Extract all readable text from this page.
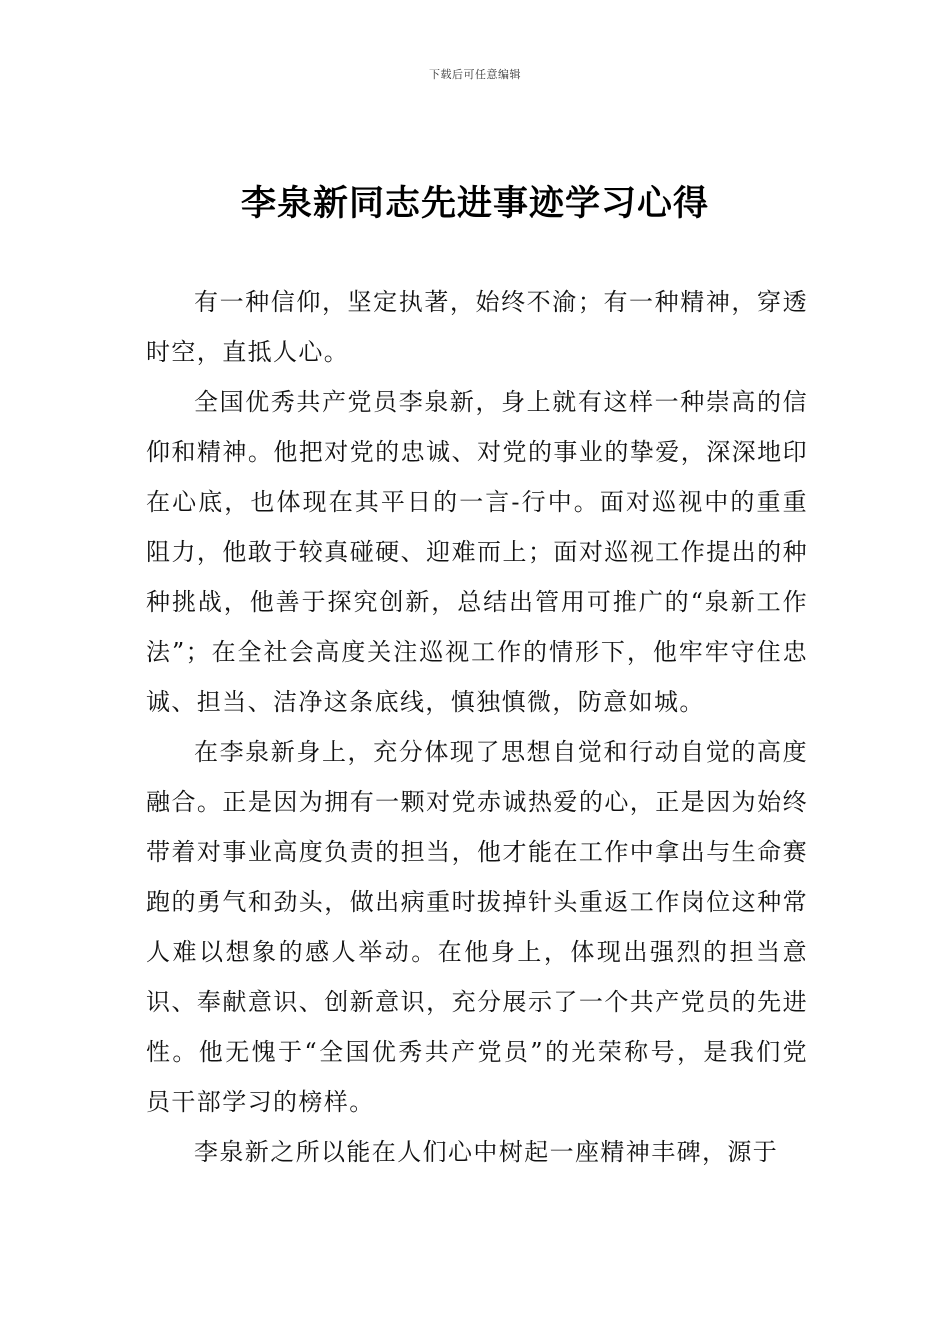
下载后可任意编辑
李泉新同志先进事迹学习心得

有一种信仰，坚定执著，始终不渝；有一种精神，穿透时空，直抵人心。

全国优秀共产党员李泉新，身上就有这样一种崇高的信仰和精神。他把对党的忠诚、对党的事业的挚爱，深深地印在心底，也体现在其平日的一言-行中。面对巡视中的重重阻力，他敢于较真碰硬、迎难而上；面对巡视工作提出的种种挑战，他善于探究创新，总结出管用可推广的“泉新工作法”；在全社会高度关注巡视工作的情形下，他牢牢守住忠诚、担当、洁净这条底线，慎独慎微，防意如城。

在李泉新身上，充分体现了思想自觉和行动自觉的高度融合。正是因为拥有一颗对党赤诚热爱的心，正是因为始终带着对事业高度负责的担当，他才能在工作中拿出与生命赛跑的勇气和劲头，做出病重时拔掉针头重返工作岗位这种常人难以想象的感人举动。在他身上，体现出强烈的担当意识、奉献意识、创新意识，充分展示了一个共产党员的先进性。他无愧于“全国优秀共产党员”的光荣称号，是我们党员干部学习的榜样。

李泉新之所以能在人们心中树起一座精神丰碑，源于
